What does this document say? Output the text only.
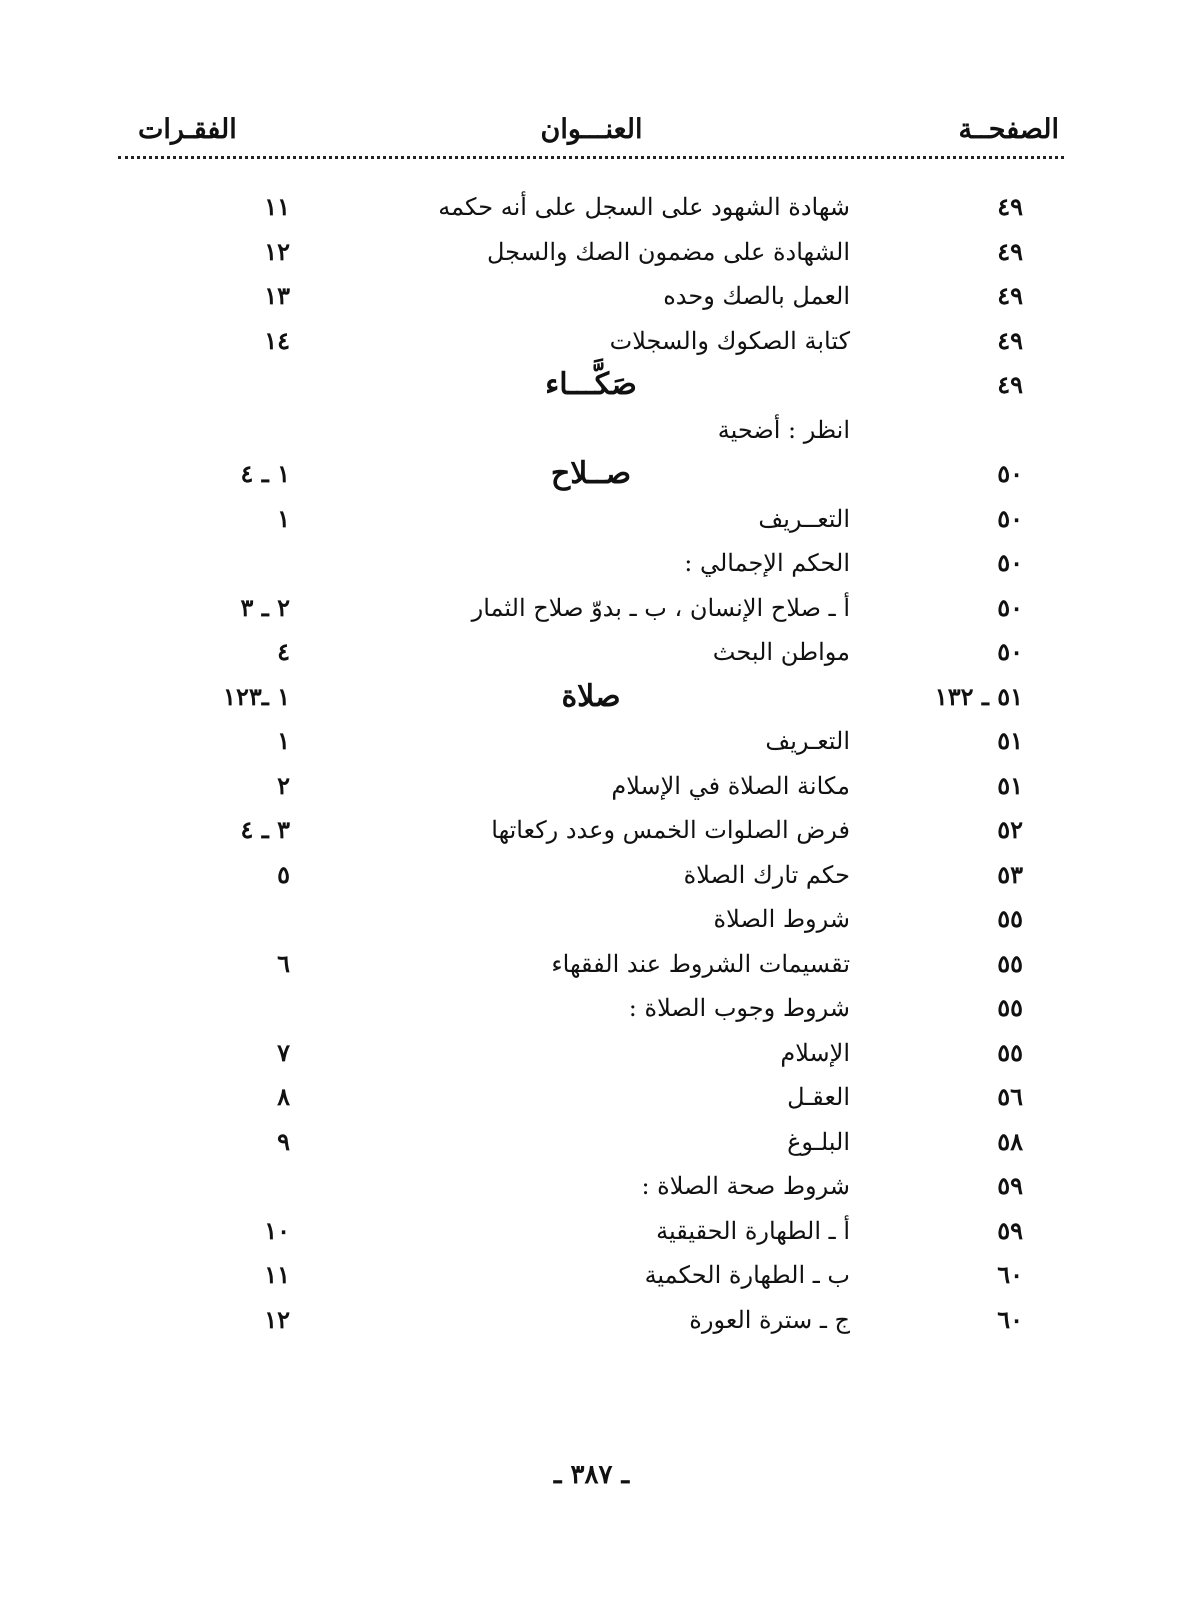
الصفحــة
العنـــوان
الفقـرات
٤٩
شهادة الشهود على السجل على أنه حكمه
١١
٤٩
الشهادة على مضمون الصك والسجل
١٢
٤٩
العمل بالصك وحده
١٣
٤٩
كتابة الصكوك والسجلات
١٤
٤٩
صَكَّـــاء
انظر : أضحية
٥٠
صــلاح
١ ـ ٤
٥٠
التعــريف
١
٥٠
الحكم الإجمالي :
٥٠
أ ـ صلاح الإنسان ، ب ـ بدوّ صلاح الثمار
٢ ـ ٣
٥٠
مواطن البحث
٤
٥١ ـ ١٣٢
صلاة
١ ـ١٢٣
٥١
التعـريف
١
٥١
مكانة الصلاة في الإسلام
٢
٥٢
فرض الصلوات الخمس وعدد ركعاتها
٣ ـ ٤
٥٣
حكم تارك الصلاة
٥
٥٥
شروط الصلاة
٥٥
تقسيمات الشروط عند الفقهاء
٦
٥٥
شروط وجوب الصلاة :
٥٥
الإسلام
٧
٥٦
العقـل
٨
٥٨
البلـوغ
٩
٥٩
شروط صحة الصلاة :
٥٩
أ ـ الطهارة الحقيقية
١٠
٦٠
ب ـ الطهارة الحكمية
١١
٦٠
ج ـ سترة العورة
١٢
ـ ٣٨٧ ـ
